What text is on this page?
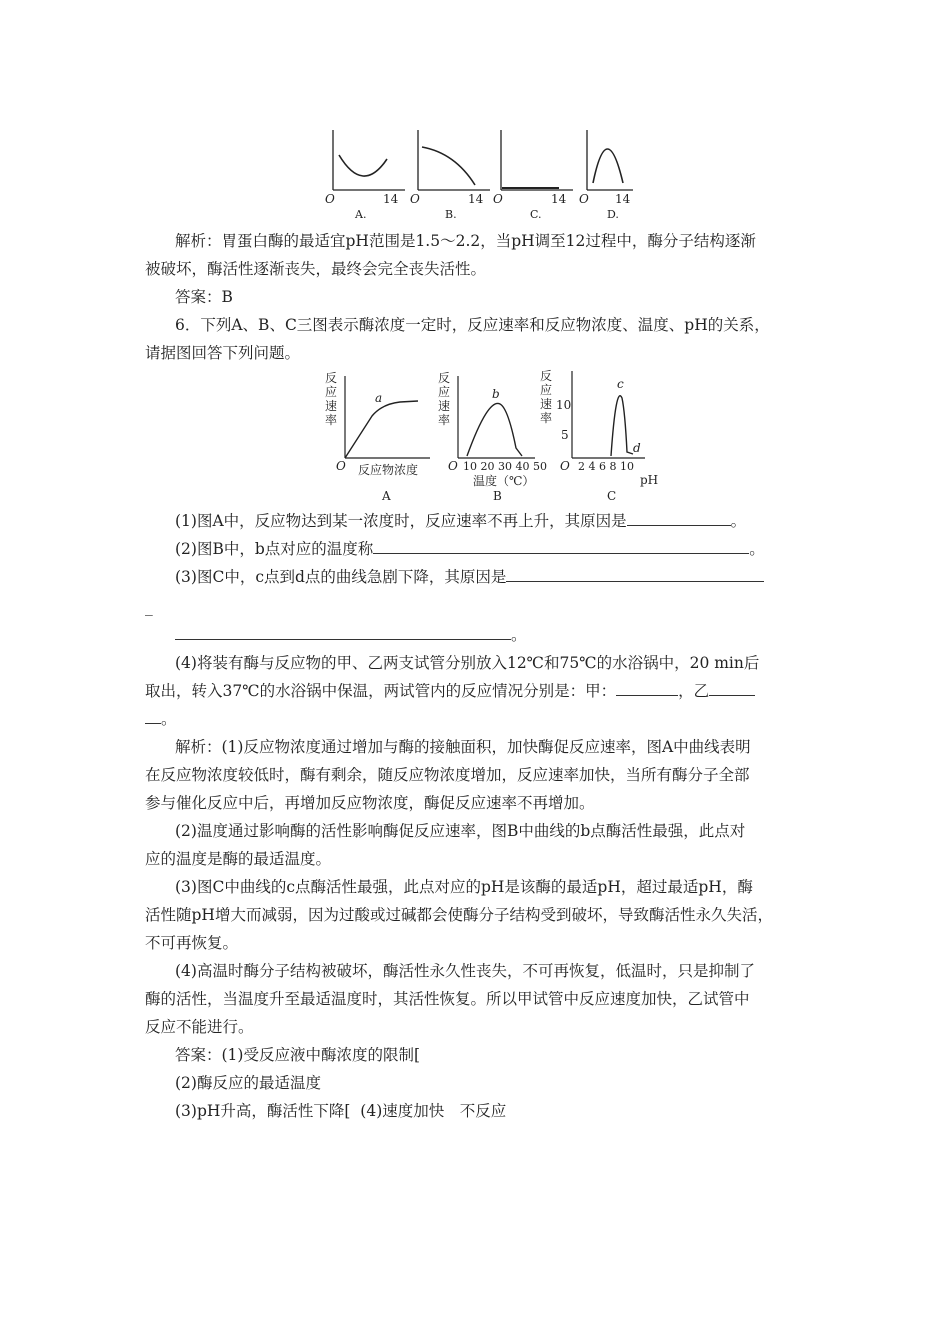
O	14
A.
O	14
B.
O	14
C.
O 14
D.
解析：胃蛋白酶的最适宜pH范围是1.5～2.2，当pH调至12过程中，酶分子结构逐渐
被破坏，酶活性逐渐丧失，最终会完全丧失活性。
答案：B
6．下列A、B、C三图表示酶浓度一定时，反应速率和反应物浓度、温度、pH的关系，
请据图回答下列问题。
反
应
速
率
a
O 反应物浓度
A
反
应
速
率
b
O 10 20 30 40 50
温度（℃）
B
反
应
速
率
10
5
c
d
O 2 4 6 8 10
pH
C
(1)图A中，反应物达到某一浓度时，反应速率不再上升，其原因是	。
(2)图B中，b点对应的温度称	。
(3)图C中，c点到d点的曲线急剧下降，其原因是
_
。
(4)将装有酶与反应物的甲、乙两支试管分别放入12℃和75℃的水浴锅中，20 min后
取出，转入37℃的水浴锅中保温，两试管内的反应情况分别是：甲：	，乙
。
解析：(1)反应物浓度通过增加与酶的接触面积，加快酶促反应速率，图A中曲线表明
在反应物浓度较低时，酶有剩余，随反应物浓度增加，反应速率加快，当所有酶分子全部
参与催化反应中后，再增加反应物浓度，酶促反应速率不再增加。
(2)温度通过影响酶的活性影响酶促反应速率，图B中曲线的b点酶活性最强，此点对
应的温度是酶的最适温度。
(3)图C中曲线的c点酶活性最强，此点对应的pH是该酶的最适pH，超过最适pH，酶
活性随pH增大而减弱，因为过酸或过碱都会使酶分子结构受到破坏，导致酶活性永久失活，
不可再恢复。
(4)高温时酶分子结构被破坏，酶活性永久性丧失，不可再恢复，低温时，只是抑制了
酶的活性，当温度升至最适温度时，其活性恢复。所以甲试管中反应速度加快，乙试管中
反应不能进行。
答案：(1)受反应液中酶浓度的限制[
(2)酶反应的最适温度
(3)pH升高，酶活性下降[  (4)速度加快　不反应
